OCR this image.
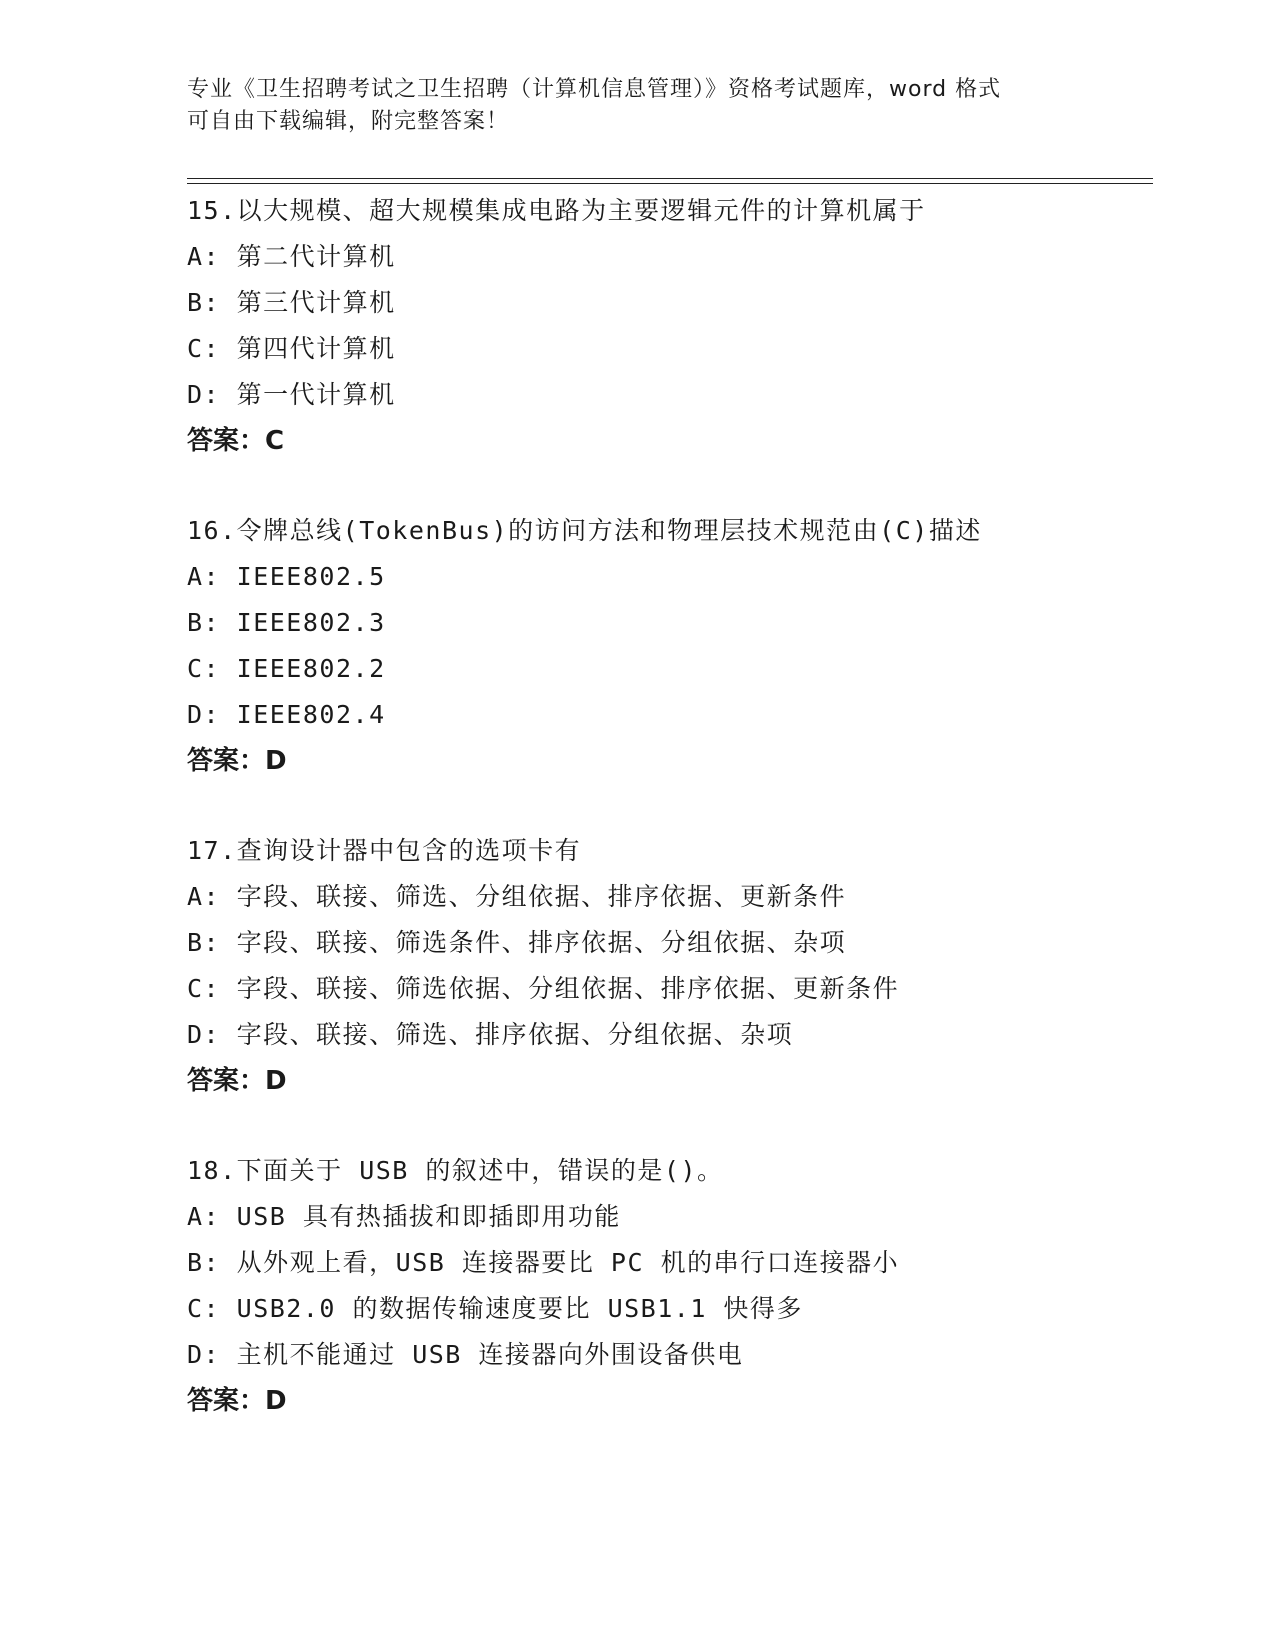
专业《卫生招聘考试之卫生招聘（计算机信息管理）》资格考试题库，word 格式
可自由下载编辑，附完整答案！
15.以大规模、超大规模集成电路为主要逻辑元件的计算机属于
A: 第二代计算机
B: 第三代计算机
C: 第四代计算机
D: 第一代计算机
答案：C
16.令牌总线(TokenBus)的访问方法和物理层技术规范由(C)描述
A: IEEE802.5
B: IEEE802.3
C: IEEE802.2
D: IEEE802.4
答案：D
17.查询设计器中包含的选项卡有
A: 字段、联接、筛选、分组依据、排序依据、更新条件
B: 字段、联接、筛选条件、排序依据、分组依据、杂项
C: 字段、联接、筛选依据、分组依据、排序依据、更新条件
D: 字段、联接、筛选、排序依据、分组依据、杂项
答案：D
18.下面关于 USB 的叙述中，错误的是()。
A: USB 具有热插拔和即插即用功能
B: 从外观上看，USB 连接器要比 PC 机的串行口连接器小
C: USB2.0 的数据传输速度要比 USB1.1 快得多
D: 主机不能通过 USB 连接器向外围设备供电
答案：D
